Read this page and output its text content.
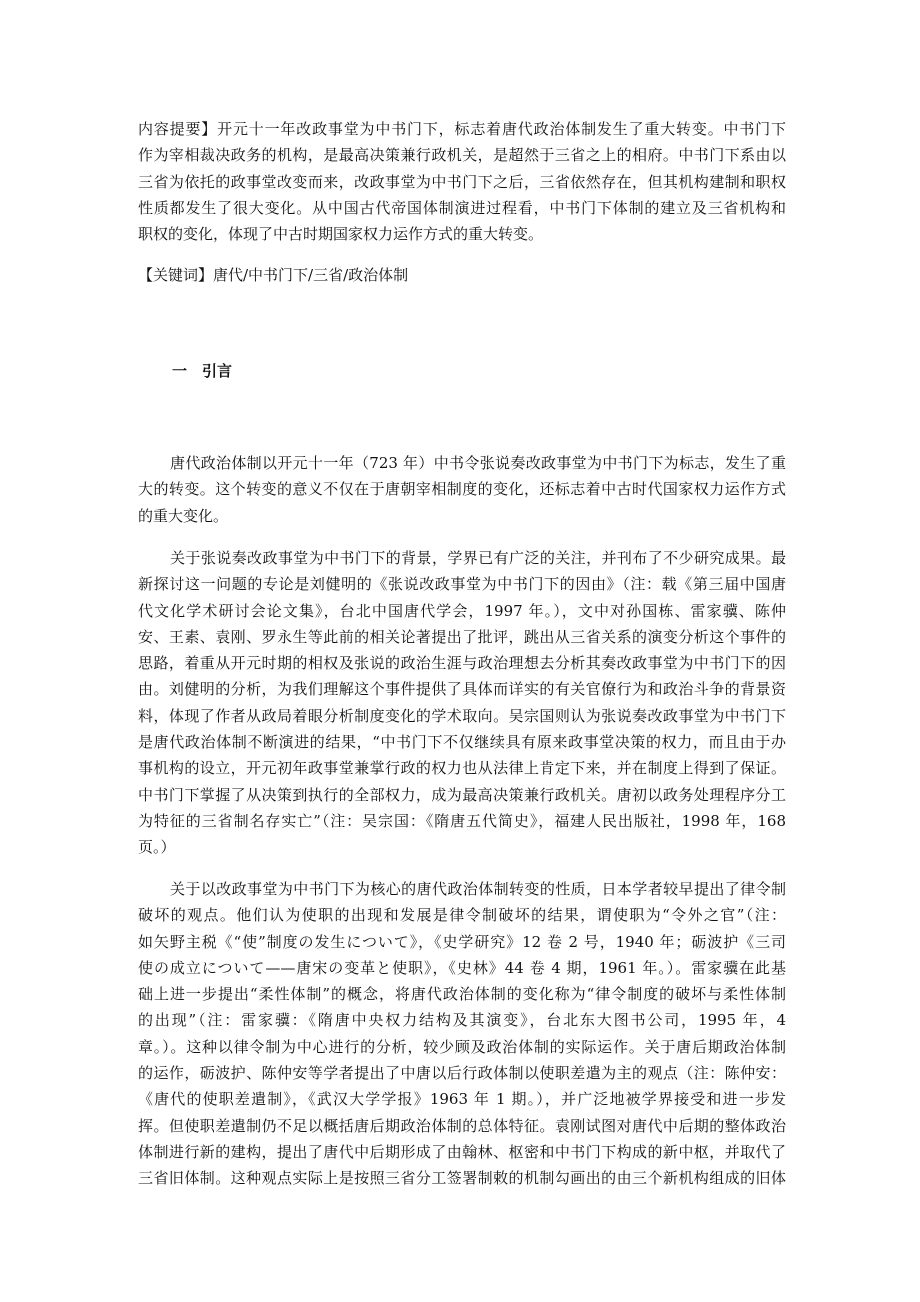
内容提要】开元十一年改政事堂为中书门下，标志着唐代政治体制发生了重大转变。中书门下
作为宰相裁决政务的机构，是最高决策兼行政机关，是超然于三省之上的相府。中书门下系由以
三省为依托的政事堂改变而来，改政事堂为中书门下之后，三省依然存在，但其机构建制和职权
性质都发生了很大变化。从中国古代帝国体制演进过程看，中书门下体制的建立及三省机构和
职权的变化，体现了中古时期国家权力运作方式的重大转变。
【关键词】唐代/中书门下/三省/政治体制
一　引言
唐代政治体制以开元十一年（723 年）中书令张说奏改政事堂为中书门下为标志，发生了重
大的转变。这个转变的意义不仅在于唐朝宰相制度的变化，还标志着中古时代国家权力运作方式
的重大变化。
关于张说奏改政事堂为中书门下的背景，学界已有广泛的关注，并刊布了不少研究成果。最
新探讨这一问题的专论是刘健明的《张说改政事堂为中书门下的因由》（注：载《第三届中国唐
代文化学术研讨会论文集》，台北中国唐代学会，1997 年。），文中对孙国栋、雷家骥、陈仲
安、王素、袁刚、罗永生等此前的相关论著提出了批评，跳出从三省关系的演变分析这个事件的
思路，着重从开元时期的相权及张说的政治生涯与政治理想去分析其奏改政事堂为中书门下的因
由。刘健明的分析，为我们理解这个事件提供了具体而详实的有关官僚行为和政治斗争的背景资
料，体现了作者从政局着眼分析制度变化的学术取向。吴宗国则认为张说奏改政事堂为中书门下
是唐代政治体制不断演进的结果，“中书门下不仅继续具有原来政事堂决策的权力，而且由于办
事机构的设立，开元初年政事堂兼掌行政的权力也从法律上肯定下来，并在制度上得到了保证。
中书门下掌握了从决策到执行的全部权力，成为最高决策兼行政机关。唐初以政务处理程序分工
为特征的三省制名存实亡”（注：吴宗国：《隋唐五代简史》，福建人民出版社，1998 年，168
页。）
关于以改政事堂为中书门下为核心的唐代政治体制转变的性质，日本学者较早提出了律令制
破坏的观点。他们认为使职的出现和发展是律令制破坏的结果，谓使职为“令外之官”（注：
如矢野主税《“使”制度の发生について》，《史学研究》12 卷 2 号，1940 年；砺波护《三司
使の成立について——唐宋の变革と使职》，《史林》44 卷 4 期，1961 年。）。雷家骥在此基
础上进一步提出“柔性体制”的概念，将唐代政治体制的变化称为“律令制度的破坏与柔性体制
的出现”（注：雷家骥：《隋唐中央权力结构及其演变》，台北东大图书公司，1995 年，4
章。）。这种以律令制为中心进行的分析，较少顾及政治体制的实际运作。关于唐后期政治体制
的运作，砺波护、陈仲安等学者提出了中唐以后行政体制以使职差遣为主的观点（注：陈仲安：
《唐代的使职差遣制》，《武汉大学学报》1963 年 1 期。），并广泛地被学界接受和进一步发
挥。但使职差遣制仍不足以概括唐后期政治体制的总体特征。袁刚试图对唐代中后期的整体政治
体制进行新的建构，提出了唐代中后期形成了由翰林、枢密和中书门下构成的新中枢，并取代了
三省旧体制。这种观点实际上是按照三省分工签署制敕的机制勾画出的由三个新机构组成的旧体
